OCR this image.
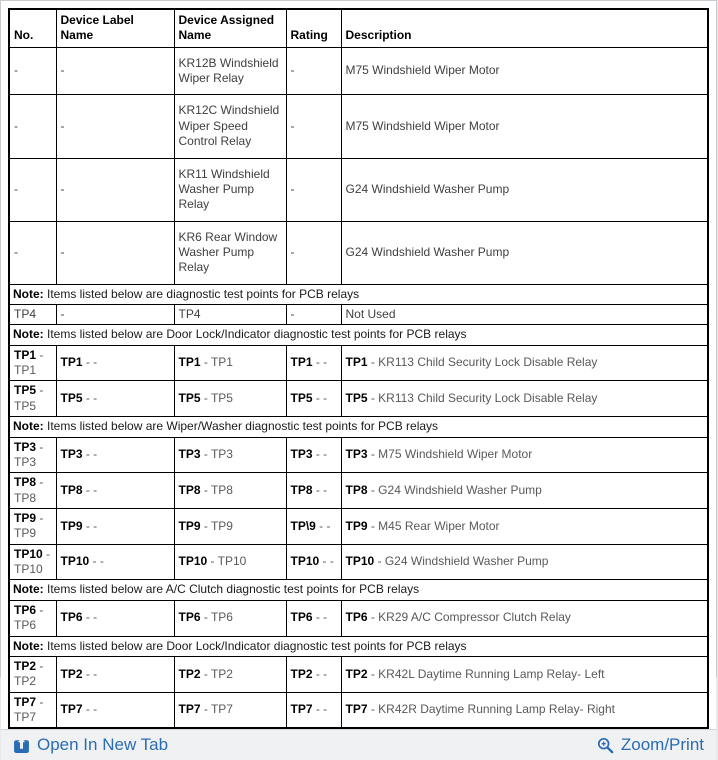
No.	Device Label Name	Device Assigned Name	Rating	Description
-	-	KR12B Windshield Wiper Relay	-	M75 Windshield Wiper Motor
-	-	KR12C Windshield Wiper Speed Control Relay	-	M75 Windshield Wiper Motor
-	-	KR11 Windshield Washer Pump Relay	-	G24 Windshield Washer Pump
-	-	KR6 Rear Window Washer Pump Relay	-	G24 Windshield Washer Pump
Note: Items listed below are diagnostic test points for PCB relays				
TP4	-	TP4	-	Not Used
Note: Items listed below are Door Lock/Indicator diagnostic test points for PCB relays				
TP1 - TP1	TP1 - -	TP1 - TP1	TP1 - -	TP1 - KR113 Child Security Lock Disable Relay
TP5 - TP5	TP5 - -	TP5 - TP5	TP5 - -	TP5 - KR113 Child Security Lock Disable Relay
Note: Items listed below are Wiper/Washer diagnostic test points for PCB relays				
TP3 - TP3	TP3 - -	TP3 - TP3	TP3 - -	TP3 - M75 Windshield Wiper Motor
TP8 - TP8	TP8 - -	TP8 - TP8	TP8 - -	TP8 - G24 Windshield Washer Pump
TP9 - TP9	TP9 - -	TP9 - TP9	TP\9 - -	TP9 - M45 Rear Wiper Motor
TP10 - TP10	TP10 - -	TP10 - TP10	TP10 - -	TP10 - G24 Windshield Washer Pump
Note: Items listed below are A/C Clutch diagnostic test points for PCB relays				
TP6 - TP6	TP6 - -	TP6 - TP6	TP6 - -	TP6 - KR29 A/C Compressor Clutch Relay
Note: Items listed below are Door Lock/Indicator diagnostic test points for PCB relays				
TP2 - TP2	TP2 - -	TP2 - TP2	TP2 - -	TP2 - KR42L Daytime Running Lamp Relay- Left
TP7 - TP7	TP7 - -	TP7 - TP7	TP7 - -	TP7 - KR42R Daytime Running Lamp Relay- Right
Open In New Tab	Zoom/Print
